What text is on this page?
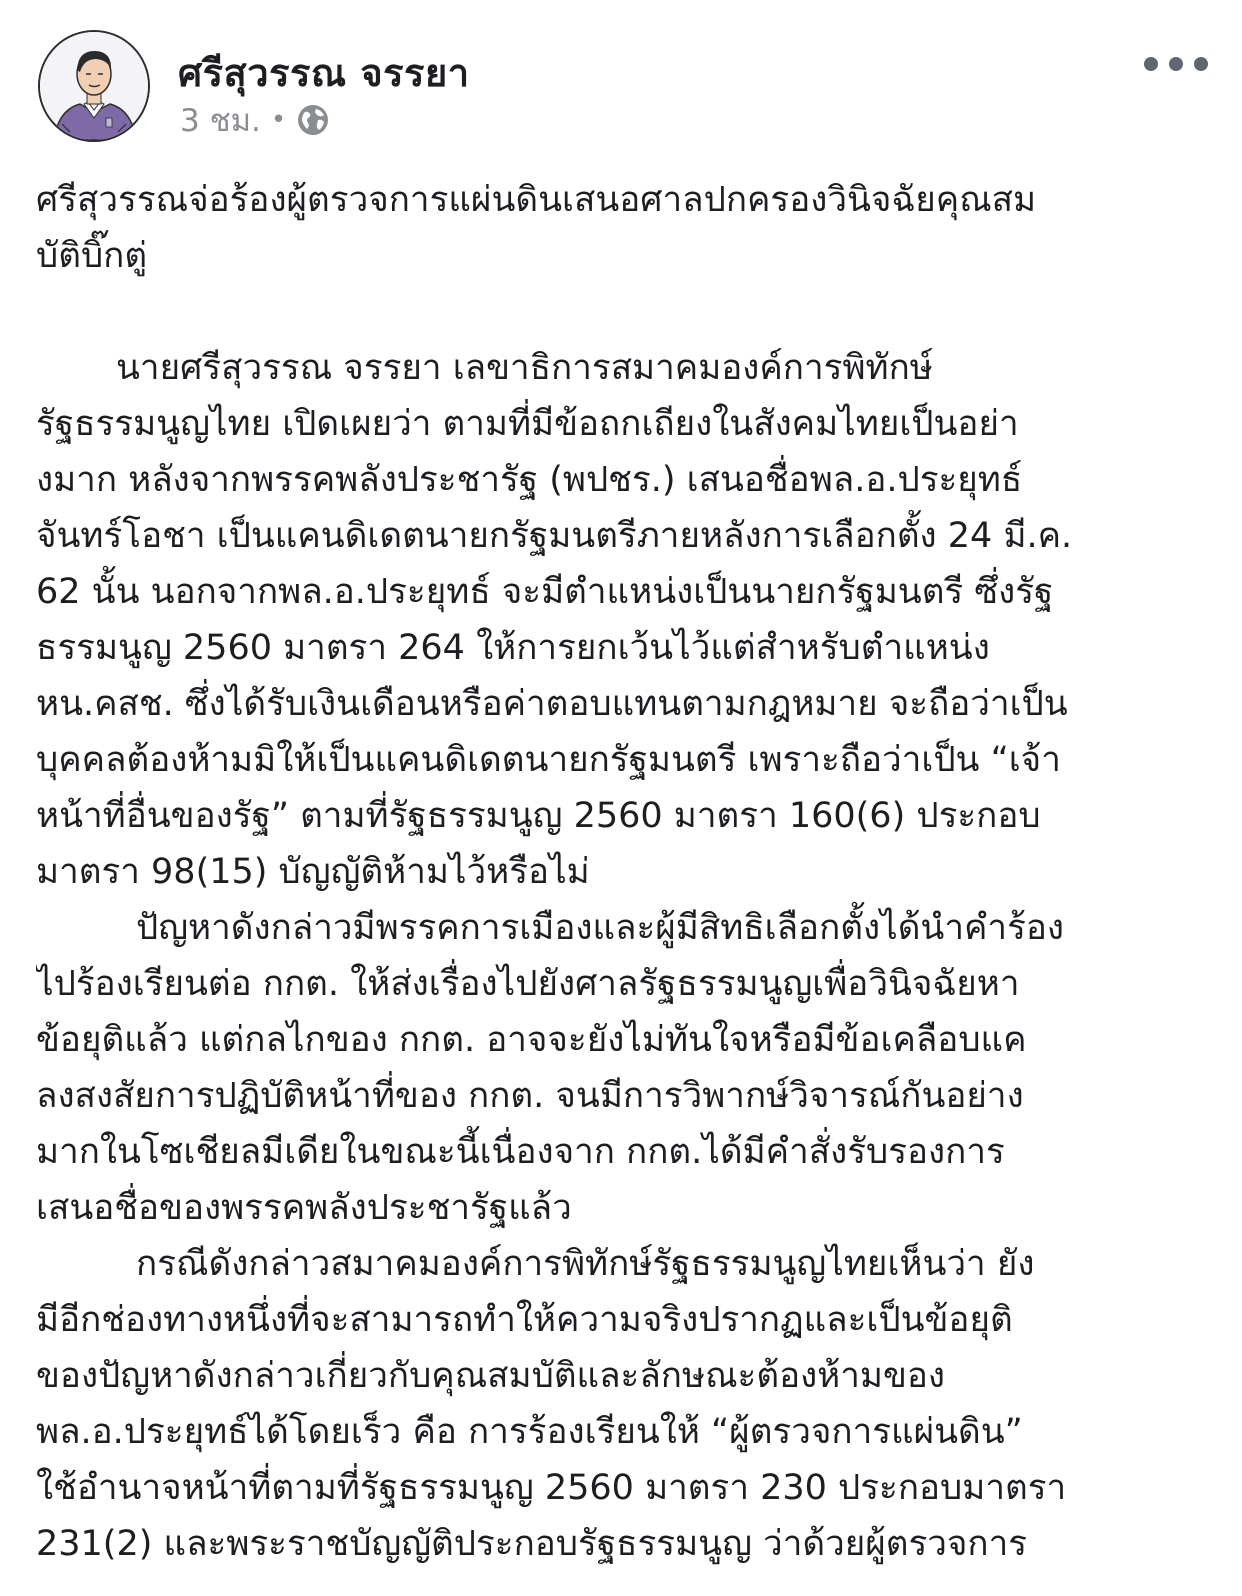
ศรีสุวรรณ จรรยา
3 ชม. •
ศรีสุวรรณจ่อร้องผู้ตรวจการแผ่นดินเสนอศาลปกครองวินิจฉัยคุณสม
บัติบิ๊กตู่
นายศรีสุวรรณ จรรยา เลขาธิการสมาคมองค์การพิทักษ์
รัฐธรรมนูญไทย เปิดเผยว่า ตามที่มีข้อถกเถียงในสังคมไทยเป็นอย่า
งมาก หลังจากพรรคพลังประชารัฐ (พปชร.) เสนอชื่อพล.อ.ประยุทธ์
จันทร์โอชา เป็นแคนดิเดตนายกรัฐมนตรีภายหลังการเลือกตั้ง 24 มี.ค.
62 นั้น นอกจากพล.อ.ประยุทธ์ จะมีตำแหน่งเป็นนายกรัฐมนตรี ซึ่งรัฐ
ธรรมนูญ 2560 มาตรา 264 ให้การยกเว้นไว้แต่สำหรับตำแหน่ง
หน.คสช. ซึ่งได้รับเงินเดือนหรือค่าตอบแทนตามกฎหมาย จะถือว่าเป็น
บุคคลต้องห้ามมิให้เป็นแคนดิเดตนายกรัฐมนตรี เพราะถือว่าเป็น “เจ้า
หน้าที่อื่นของรัฐ” ตามที่รัฐธรรมนูญ 2560 มาตรา 160(6) ประกอบ
มาตรา 98(15) บัญญัติห้ามไว้หรือไม่
ปัญหาดังกล่าวมีพรรคการเมืองและผู้มีสิทธิเลือกตั้งได้นำคำร้อง
ไปร้องเรียนต่อ กกต. ให้ส่งเรื่องไปยังศาลรัฐธรรมนูญเพื่อวินิจฉัยหา
ข้อยุติแล้ว แต่กลไกของ กกต. อาจจะยังไม่ทันใจหรือมีข้อเคลือบแค
ลงสงสัยการปฏิบัติหน้าที่ของ กกต. จนมีการวิพากษ์วิจารณ์กันอย่าง
มากในโซเชียลมีเดียในขณะนี้เนื่องจาก กกต.ได้มีคำสั่งรับรองการ
เสนอชื่อของพรรคพลังประชารัฐแล้ว
กรณีดังกล่าวสมาคมองค์การพิทักษ์รัฐธรรมนูญไทยเห็นว่า ยัง
มีอีกช่องทางหนึ่งที่จะสามารถทำให้ความจริงปรากฏและเป็นข้อยุติ
ของปัญหาดังกล่าวเกี่ยวกับคุณสมบัติและลักษณะต้องห้ามของ
พล.อ.ประยุทธ์ได้โดยเร็ว คือ การร้องเรียนให้ “ผู้ตรวจการแผ่นดิน”
ใช้อำนาจหน้าที่ตามที่รัฐธรรมนูญ 2560 มาตรา 230 ประกอบมาตรา
231(2) และพระราชบัญญัติประกอบรัฐธรรมนูญ ว่าด้วยผู้ตรวจการ
